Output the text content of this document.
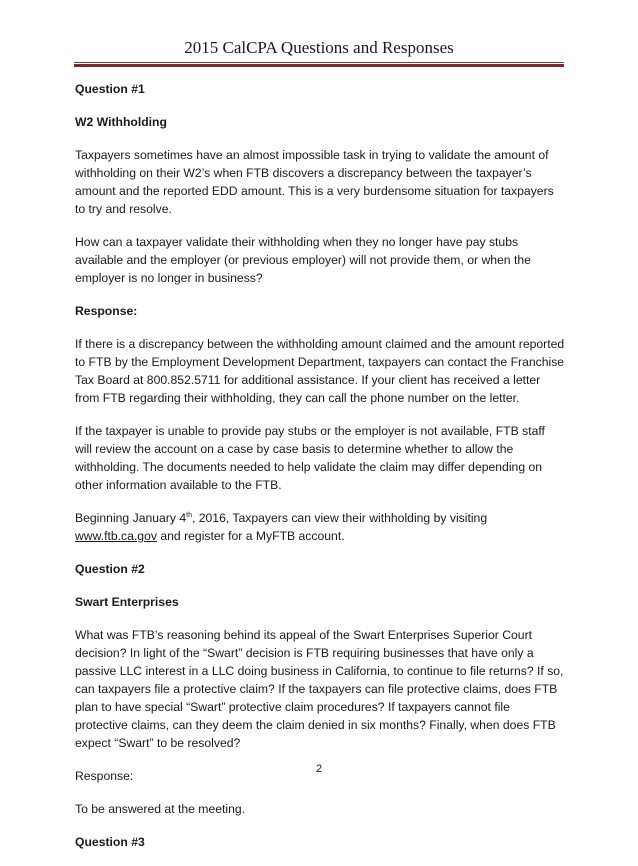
2015 CalCPA Questions and Responses

Question #1

W2 Withholding

Taxpayers sometimes have an almost impossible task in trying to validate the amount of withholding on their W2’s when FTB discovers a discrepancy between the taxpayer’s amount and the reported EDD amount. This is a very burdensome situation for taxpayers to try and resolve.

How can a taxpayer validate their withholding when they no longer have pay stubs available and the employer (or previous employer) will not provide them, or when the employer is no longer in business?

Response:

If there is a discrepancy between the withholding amount claimed and the amount reported to FTB by the Employment Development Department, taxpayers can contact the Franchise Tax Board at 800.852.5711 for additional assistance. If your client has received a letter from FTB regarding their withholding, they can call the phone number on the letter.

If the taxpayer is unable to provide pay stubs or the employer is not available, FTB staff will review the account on a case by case basis to determine whether to allow the withholding. The documents needed to help validate the claim may differ depending on other information available to the FTB.

Beginning January 4th, 2016, Taxpayers can view their withholding by visiting www.ftb.ca.gov and register for a MyFTB account.

Question #2

Swart Enterprises

What was FTB’s reasoning behind its appeal of the Swart Enterprises Superior Court decision? In light of the “Swart” decision is FTB requiring businesses that have only a passive LLC interest in a LLC doing business in California, to continue to file returns? If so, can taxpayers file a protective claim? If the taxpayers can file protective claims, does FTB plan to have special “Swart” protective claim procedures? If taxpayers cannot file protective claims, can they deem the claim denied in six months? Finally, when does FTB expect “Swart” to be resolved?

Response:

To be answered at the meeting.

Question #3

2
